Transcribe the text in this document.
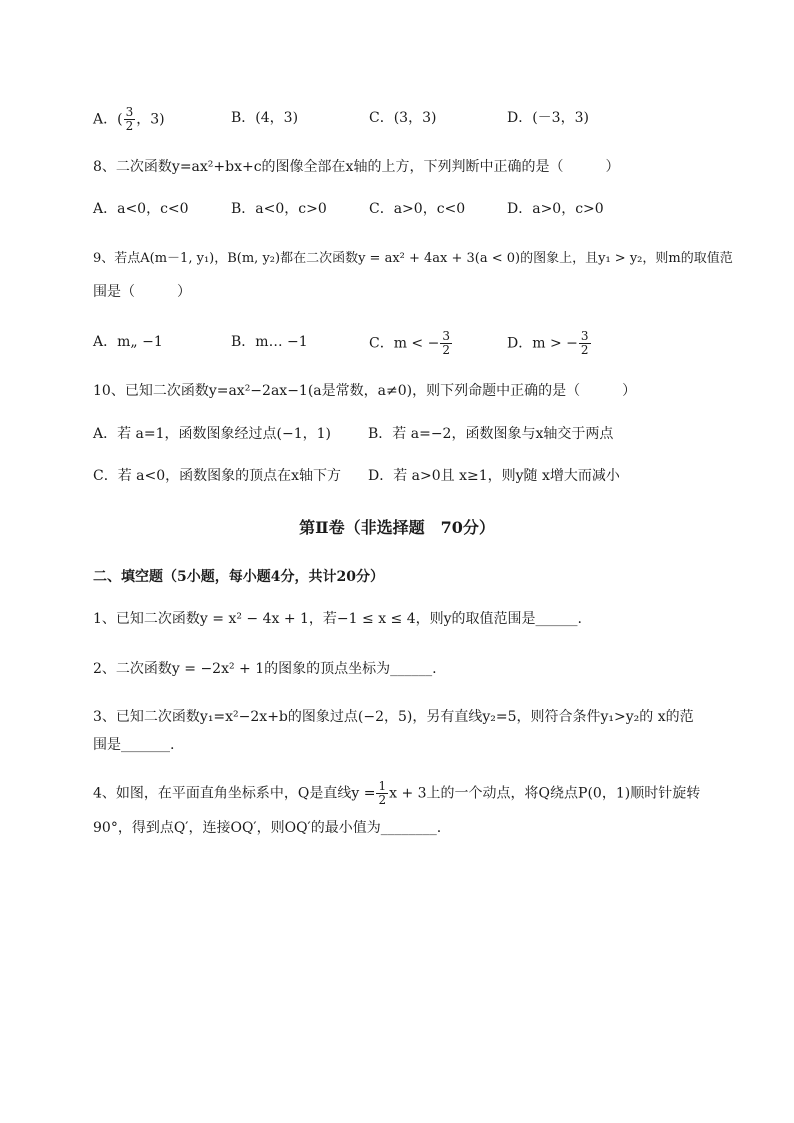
A．( $\frac{3}{2}$ ，3)	B．(4，3)	C．(3，3)	D．(－3，3)
8、二次函数y=ax²+bx+c的图像全部在x轴的上方，下列判断中正确的是（　　　）
A．a<0，c<0	B．a<0，c>0	C．a>0，c<0	D．a>0，c>0
9、若点A(m－1, y₁)，B(m, y₂)都在二次函数y = ax² + 4ax + 3(a < 0)的图象上，且y₁ > y₂，则m的取值范
围是（　　　）
A．m„ −1	B．m… −1	C．m < − $\frac{3}{2}$	D．m > − $\frac{3}{2}$
10、已知二次函数y=ax²−2ax−1(a是常数，a≠0)，则下列命题中正确的是（　　　）
A．若 a=1，函数图象经过点(−1，1)	B．若 a=−2，函数图象与x轴交于两点
C．若 a<0，函数图象的顶点在x轴下方 D．若 a>0且 x≥1，则y随 x增大而减小
第Ⅱ卷（非选择题　70分）
二、填空题（5小题，每小题4分，共计20分）
1、已知二次函数y = x² − 4x + 1，若−1 ≤ x ≤ 4，则y的取值范围是______.
2、二次函数y = −2x² + 1的图象的顶点坐标为______.
3、已知二次函数y₁=x²−2x+b的图象过点(−2，5)，另有直线y₂=5，则符合条件y₁>y₂的 x的范
围是_______.
4、如图，在平面直角坐标系中，Q是直线$y = \frac{1}{2}$ x + 3上的一个动点，将Q绕点P(0，1)顺时针旋转
90°，得到点Q′，连接OQ′，则OQ′的最小值为________.
